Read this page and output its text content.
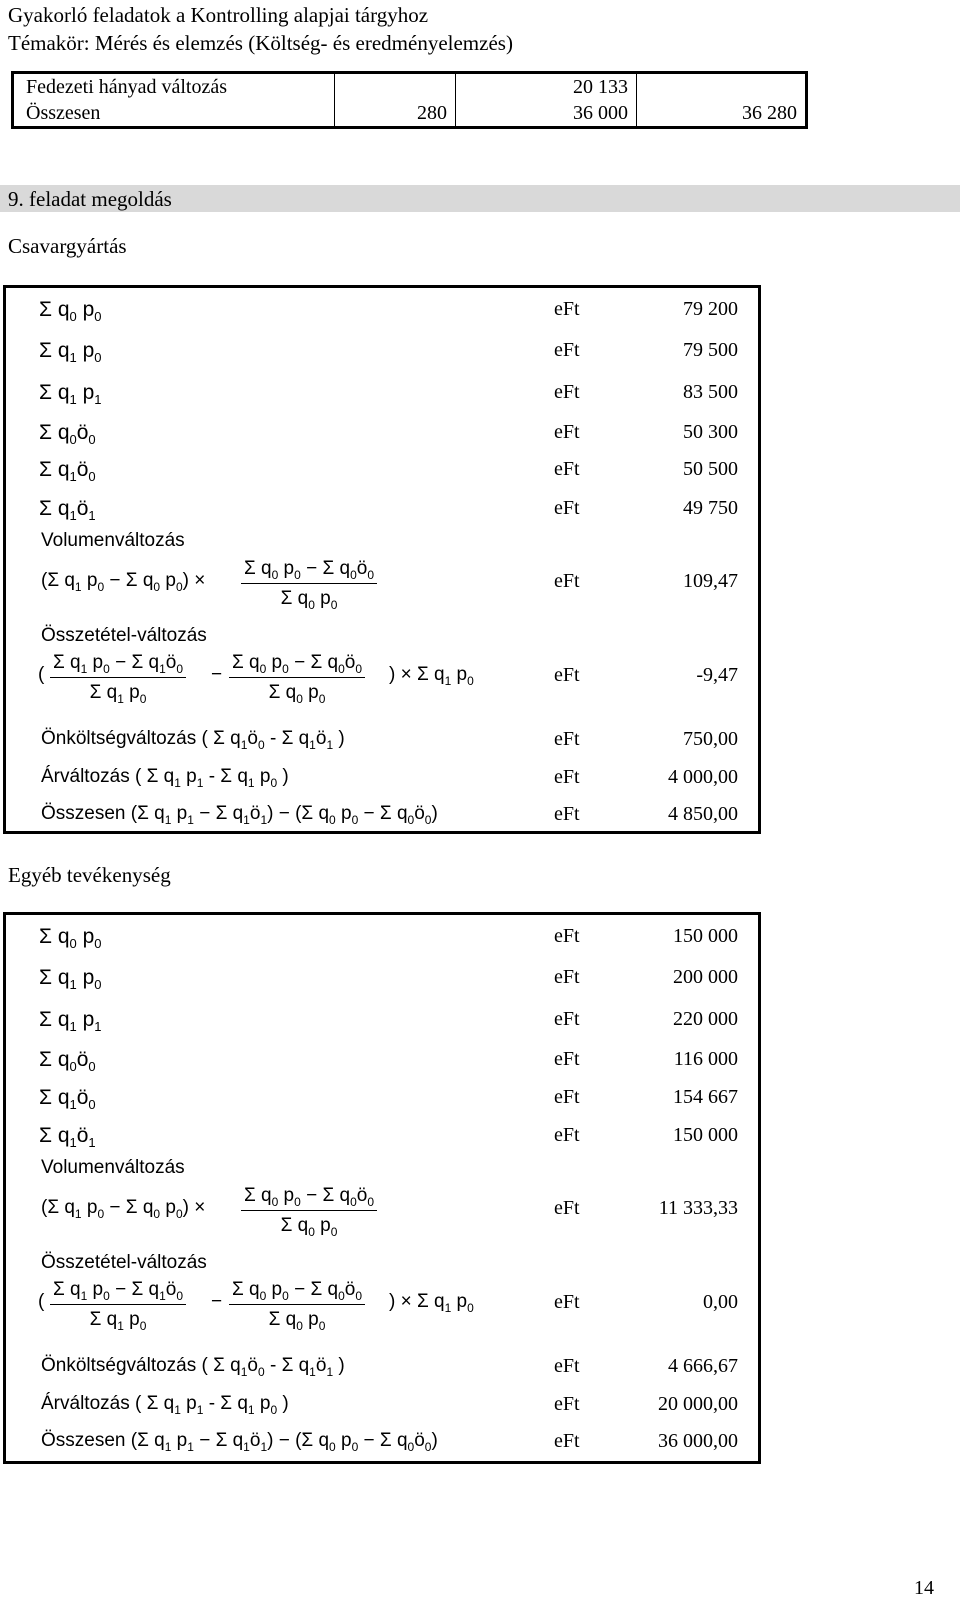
Gyakorló feladatok a Kontrolling alapjai tárgyhoz
Témakör: Mérés és elemzés (Költség- és eredményelemzés)
Fedezeti hányad változás		20 133	
Összesen	280	36 000	36 280
9. feladat megoldás
Csavargyártás
Σ $q_0$ $p_0$	eFt	79 200
Σ $q_1$ $p_0$	eFt	79 500
Σ $q_1$ $p_1$	eFt	83 500
Σ $q_0ö_0$	eFt	50 300
Σ $q_1ö_0$	eFt	50 500
Σ $q_1ö_1$	eFt	49 750
Volumenváltozás
(Σ $q_1$ $p_0 - \Sigma$ $q_0$ $p_0) \times \frac{\Sigma q_0 p_0 - \Sigma q_0ö_0}{\Sigma q_0 p_0}$	eFt	109,47
Összetétel-változás
( $\frac{\Sigma q_1 p_0 - \Sigma q_1ö_0}{\Sigma q_1 p_0} - \frac{\Sigma q_0 p_0 - \Sigma q_0ö_0}{\Sigma q_0 p_0}$ ) × Σ $q_1$ $p_0$	eFt	-9,47
Önköltségváltozás ( Σ $q_1ö_0$ - Σ $q_1ö_1$ )	eFt	750,00
Árváltozás ( Σ $q_1$ $p_1$ - Σ $q_1$ $p_0$ )	eFt	4 000,00
Összesen (Σ $q_1$ $p_1 - \Sigma$ $q_1ö_1) - (\Sigma$ $q_0$ $p_0 - \Sigma$ $q_0ö_0$)	eFt	4 850,00
Egyéb tevékenység
Σ $q_0$ $p_0$	eFt	150 000
Σ $q_1$ $p_0$	eFt	200 000
Σ $q_1$ $p_1$	eFt	220 000
Σ $q_0ö_0$	eFt	116 000
Σ $q_1ö_0$	eFt	154 667
Σ $q_1ö_1$	eFt	150 000
Volumenváltozás
(Σ $q_1$ $p_0 - \Sigma$ $q_0$ $p_0) \times \frac{\Sigma q_0 p_0 - \Sigma q_0ö_0}{\Sigma q_0 p_0}$	eFt	11 333,33
Összetétel-változás
( $\frac{\Sigma q_1 p_0 - \Sigma q_1ö_0}{\Sigma q_1 p_0} - \frac{\Sigma q_0 p_0 - \Sigma q_0ö_0}{\Sigma q_0 p_0}$ ) × Σ $q_1$ $p_0$	eFt	0,00
Önköltségváltozás ( Σ $q_1ö_0$ - Σ $q_1ö_1$ )	eFt	4 666,67
Árváltozás ( Σ $q_1$ $p_1$ - Σ $q_1$ $p_0$ )	eFt	20 000,00
Összesen (Σ $q_1$ $p_1 - \Sigma$ $q_1ö_1) - (\Sigma$ $q_0$ $p_0 - \Sigma$ $q_0ö_0$)	eFt	36 000,00
14
